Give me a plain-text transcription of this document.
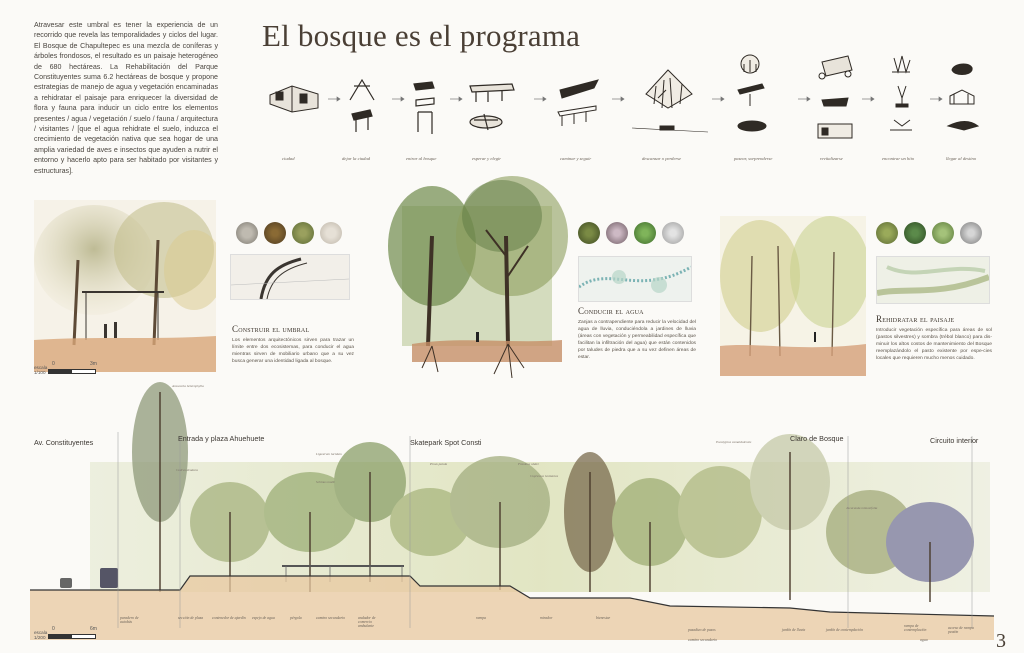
Atravesar este umbral es tener la experiencia de un recorrido que revela las temporalidades y ciclos del lugar. El Bosque de Chapultepec es una mezcla de coníferas y árboles frondosos, el resultado es un paisaje heterogéneo de 680 hectáreas. La Rehabilitación del Parque Constituyentes suma 6.2 hectáreas de bosque y propone estrategias de manejo de agua y vegetación encaminadas a rehidratar el paisaje para enriquecer la diversidad de flora y fauna para inducir un ciclo entre los elementos presentes / agua / vegetación / suelo / fauna / arquitectura / visitantes / [que el agua rehidrate el suelo, induzca el crecimiento de vegetación nativa que sea hogar de una amplia variedad de aves e insectos que ayuden a nutrir el entorno y hacerlo apto para ser habitado por visitantes y estructuras].
El bosque es el programa
ciudad	dejar la ciudad	entrar al bosque	esperar y elegir	caminar y seguir	descansar o perderse	pasear, sorprenderse	revitalizarse	encontrar un hito	llegar al destino
escala 1/100
0	3m
Construir el umbral
Los elementos arquitectónicos sirven para trazar un límite entre dos ecosistemas, para conducir el agua mientras sirven de mobiliario urbano que a su vez busca generar una identidad ligada al bosque.
Conducir el agua
Zanjas a contrapendiente para reducir la velocidad del agua de lluvia, conduciéndola a jardines de lluvia (áreas con vegetación y permeabilidad específica que facilitan la infiltración del agua) que están contenidos por taludes de piedra que a su vez definen áreas de estar.
Rehidratar el paisaje
Introducir vegetación específica para áreas de sol (pastos silvestres) y sombra (trébol blanco) para dis-minuir los altos costos de mantenimiento del Bosque reemplazándolo el pasto existente por espe-cies locales que requieren mucho menos cuidado.
Av. Constituyentes	Entrada y plaza Ahuehuete	Skatepark Spot Consti	Claro de Bosque	Circuito interior
Araucaria heterophylla
Cedrus deodara
Ligustrum lucidum
Schinus molle
Pinus patula	Fraxinus uhdei
Cupressus lusitanica
Eucalyptus camaldulensis
Jacaranda mimosifolia
paradero de autobús
sección de plaza contenedor de ajardín espejo de agua	pérgola	camino secundario	andador de comercio ambulante
rampa	mirador	bienestar
pasadizo de pasos
camino secundario
jardín de lluvia	jardín de contemplación
rampa de contemplación
agua
acceso de rampa peatón
escala 1/200
0	6m
3
